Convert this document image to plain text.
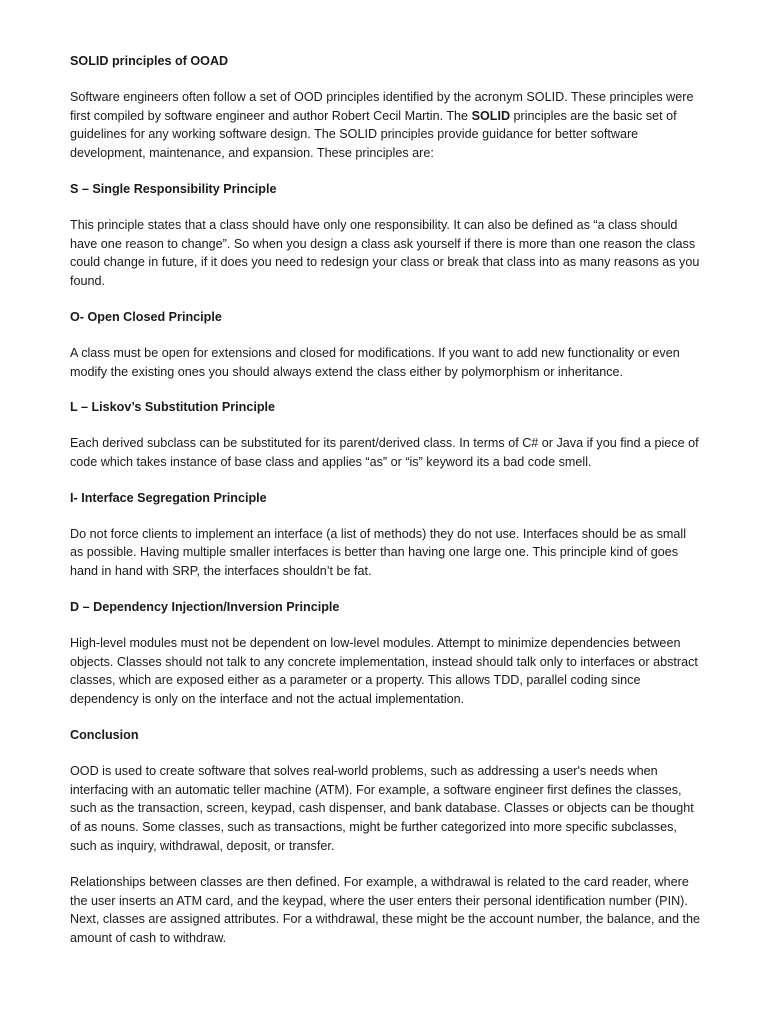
SOLID principles of OOAD

Software engineers often follow a set of OOD principles identified by the acronym SOLID. These principles were first compiled by software engineer and author Robert Cecil Martin. The SOLID principles are the basic set of guidelines for any working software design. The SOLID principles provide guidance for better software development, maintenance, and expansion. These principles are:

S – Single Responsibility Principle

This principle states that a class should have only one responsibility. It can also be defined as “a class should have one reason to change”. So when you design a class ask yourself if there is more than one reason the class could change in future, if it does you need to redesign your class or break that class into as many reasons as you found.

O- Open Closed Principle

A class must be open for extensions and closed for modifications. If you want to add new functionality or even modify the existing ones you should always extend the class either by polymorphism or inheritance.

L – Liskov’s Substitution Principle

Each derived subclass can be substituted for its parent/derived class. In terms of C# or Java if you find a piece of code which takes instance of base class and applies “as” or “is” keyword its a bad code smell.

I- Interface Segregation Principle

Do not force clients to implement an interface (a list of methods) they do not use. Interfaces should be as small as possible. Having multiple smaller interfaces is better than having one large one. This principle kind of goes hand in hand with SRP, the interfaces shouldn’t be fat.

D – Dependency Injection/Inversion Principle

High-level modules must not be dependent on low-level modules. Attempt to minimize dependencies between objects. Classes should not talk to any concrete implementation, instead should talk only to interfaces or abstract classes, which are exposed either as a parameter or a property. This allows TDD, parallel coding since dependency is only on the interface and not the actual implementation.

Conclusion

OOD is used to create software that solves real-world problems, such as addressing a user's needs when interfacing with an automatic teller machine (ATM). For example, a software engineer first defines the classes, such as the transaction, screen, keypad, cash dispenser, and bank database. Classes or objects can be thought of as nouns. Some classes, such as transactions, might be further categorized into more specific subclasses, such as inquiry, withdrawal, deposit, or transfer.

Relationships between classes are then defined. For example, a withdrawal is related to the card reader, where the user inserts an ATM card, and the keypad, where the user enters their personal identification number (PIN). Next, classes are assigned attributes. For a withdrawal, these might be the account number, the balance, and the amount of cash to withdraw.
